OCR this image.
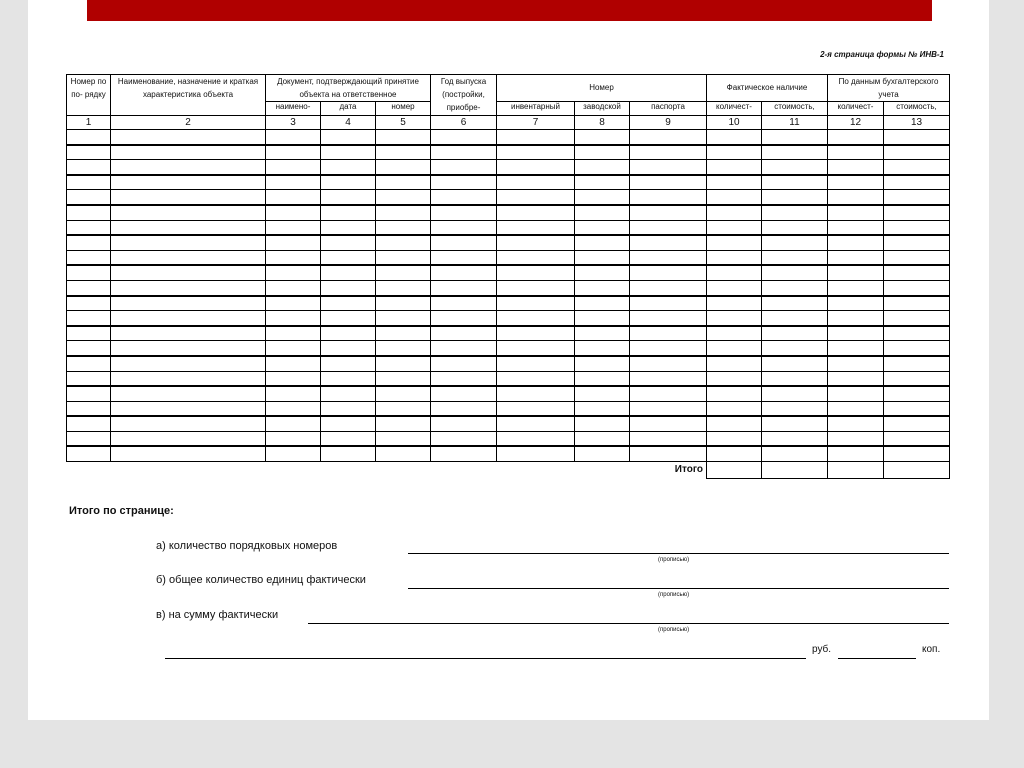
2-я страница формы № ИНВ-1
Номер по по- рядку	Наименование, назначение и краткая характеристика объекта	Документ, подтверждающий принятие объекта на ответственное			Год выпуска (постройки, приобре-	Номер			Фактическое наличие		По данным бухгалтерского учета	

		наимено-	дата	номер		инвентарный	заводской	паспорта	количест-	стоимость,	количест-	стоимость,
1	2	3	4	5	6	7	8	9	10	11	12	13

Итого												
Итого по странице:
а) количество порядковых номеров
(прописью)
б) общее количество единиц фактически
(прописью)
в) на сумму фактически
(прописью)
руб.	коп.
